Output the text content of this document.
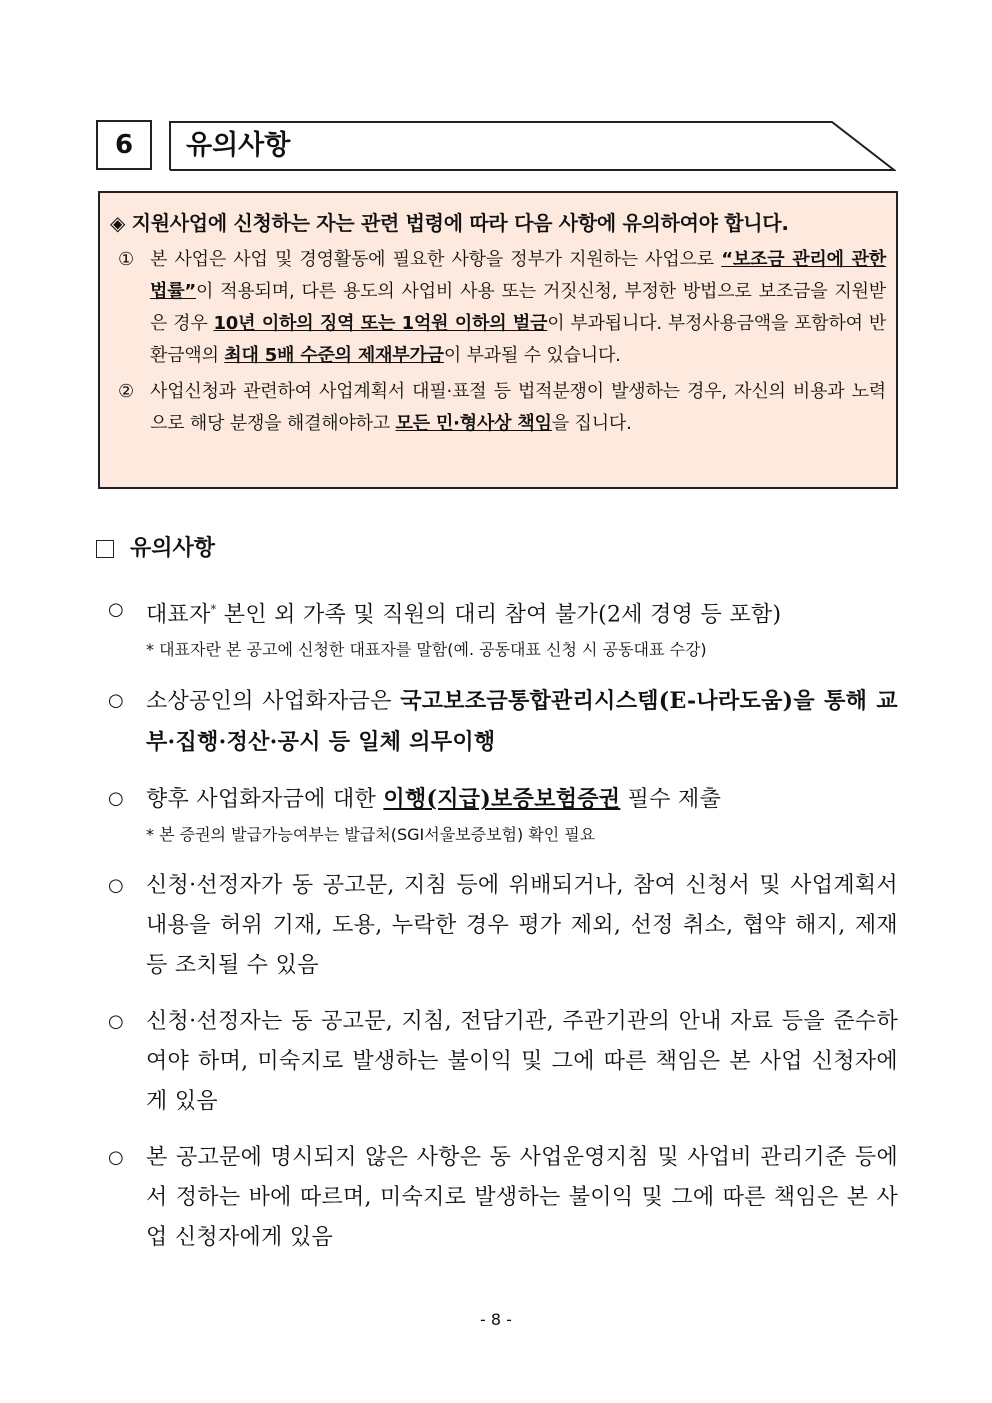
6	유의사항
◈ 지원사업에 신청하는 자는 관련 법령에 따라 다음 사항에 유의하여야 합니다.
① 본 사업은 사업 및 경영활동에 필요한 사항을 정부가 지원하는 사업으로 “보조금 관리에 관한 법률”이 적용되며, 다른 용도의 사업비 사용 또는 거짓신청, 부정한 방법으로 보조금을 지원받은 경우 10년 이하의 징역 또는 1억원 이하의 벌금이 부과됩니다. 부정사용금액을 포함하여 반환금액의 최대 5배 수준의 제재부가금이 부과될 수 있습니다.
② 사업신청과 관련하여 사업계획서 대필·표절 등 법적분쟁이 발생하는 경우, 자신의 비용과 노력으로 해당 분쟁을 해결해야하고 모든 민·형사상 책임을 집니다.
유의사항
○	대표자* 본인 외 가족 및 직원의 대리 참여 불가(2세 경영 등 포함)
* 대표자란 본 공고에 신청한 대표자를 말함(예. 공동대표 신청 시 공동대표 수강)
○	소상공인의 사업화자금은 국고보조금통합관리시스템(E-나라도움)을 통해 교부·집행·정산·공시 등 일체 의무이행
○	향후 사업화자금에 대한 이행(지급)보증보험증권 필수 제출
* 본 증권의 발급가능여부는 발급처(SGI서울보증보험) 확인 필요
○	신청·선정자가 동 공고문, 지침 등에 위배되거나, 참여 신청서 및 사업계획서 내용을 허위 기재, 도용, 누락한 경우 평가 제외, 선정 취소, 협약 해지, 제재 등 조치될 수 있음
○	신청·선정자는 동 공고문, 지침, 전담기관, 주관기관의 안내 자료 등을 준수하여야 하며, 미숙지로 발생하는 불이익 및 그에 따른 책임은 본 사업 신청자에게 있음
○	본 공고문에 명시되지 않은 사항은 동 사업운영지침 및 사업비 관리기준 등에서 정하는 바에 따르며, 미숙지로 발생하는 불이익 및 그에 따른 책임은 본 사업 신청자에게 있음
- 8 -
